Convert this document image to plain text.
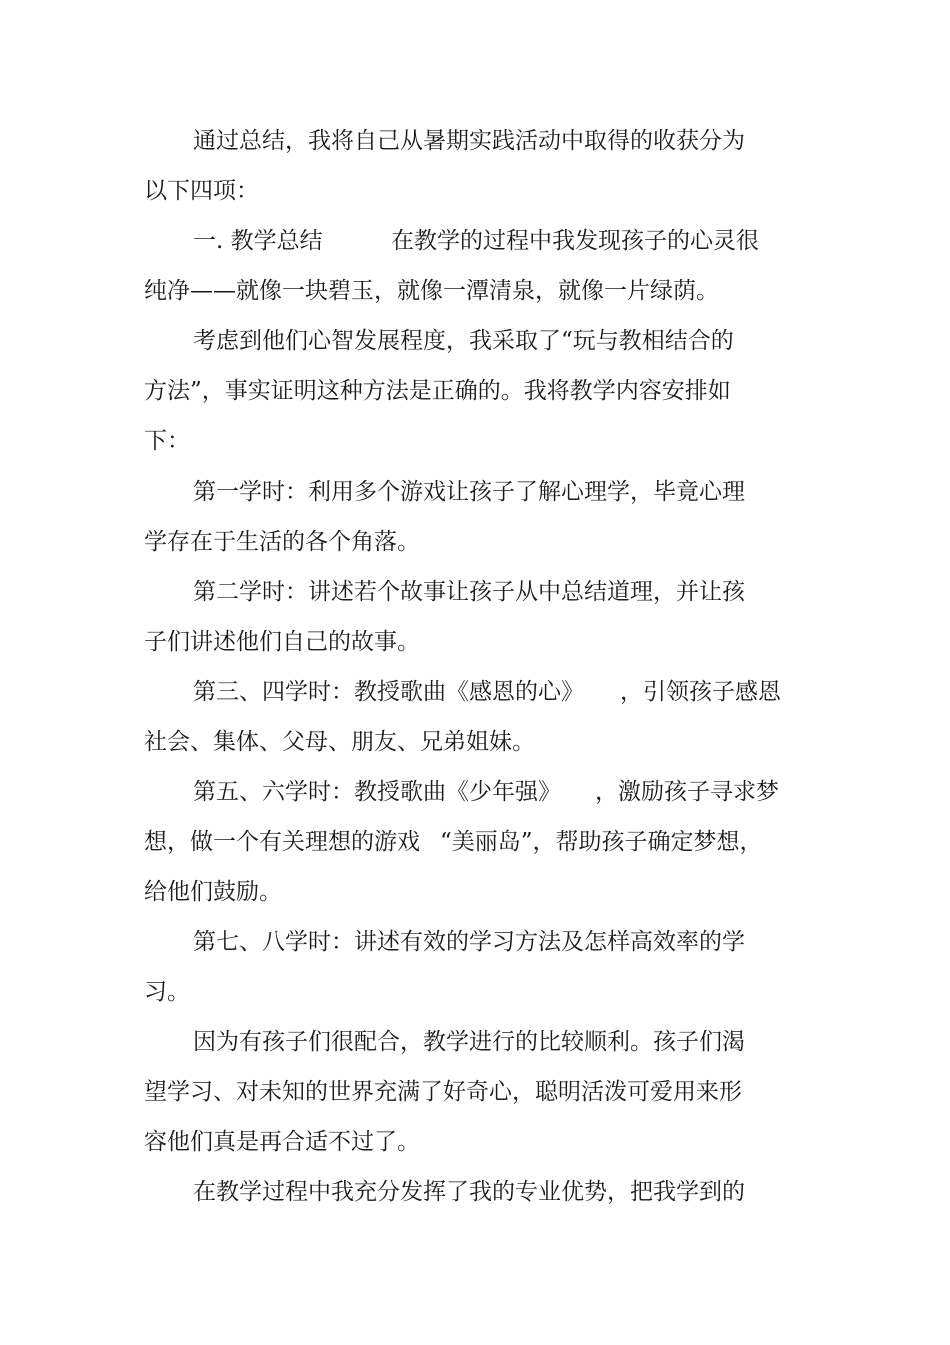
通过总结，我将自己从暑期实践活动中取得的收获分为
以下四项：
一. 教学总结	在教学的过程中我发现孩子的心灵很
纯净——就像一块碧玉，就像一潭清泉，就像一片绿荫。
考虑到他们心智发展程度，我采取了“玩与教相结合的
方法”，事实证明这种方法是正确的。我将教学内容安排如
下：
第一学时：利用多个游戏让孩子了解心理学，毕竟心理
学存在于生活的各个角落。
第二学时：讲述若个故事让孩子从中总结道理，并让孩
子们讲述他们自己的故事。
第三、四学时：教授歌曲《感恩的心》 ，引领孩子感恩
社会、集体、父母、朋友、兄弟姐妹。
第五、六学时：教授歌曲《少年强》 ，激励孩子寻求梦
想，做一个有关理想的游戏 “美丽岛”，帮助孩子确定梦想，
给他们鼓励。
第七、八学时：讲述有效的学习方法及怎样高效率的学
习。
因为有孩子们很配合，教学进行的比较顺利。孩子们渴
望学习、对未知的世界充满了好奇心，聪明活泼可爱用来形
容他们真是再合适不过了。
在教学过程中我充分发挥了我的专业优势，把我学到的
